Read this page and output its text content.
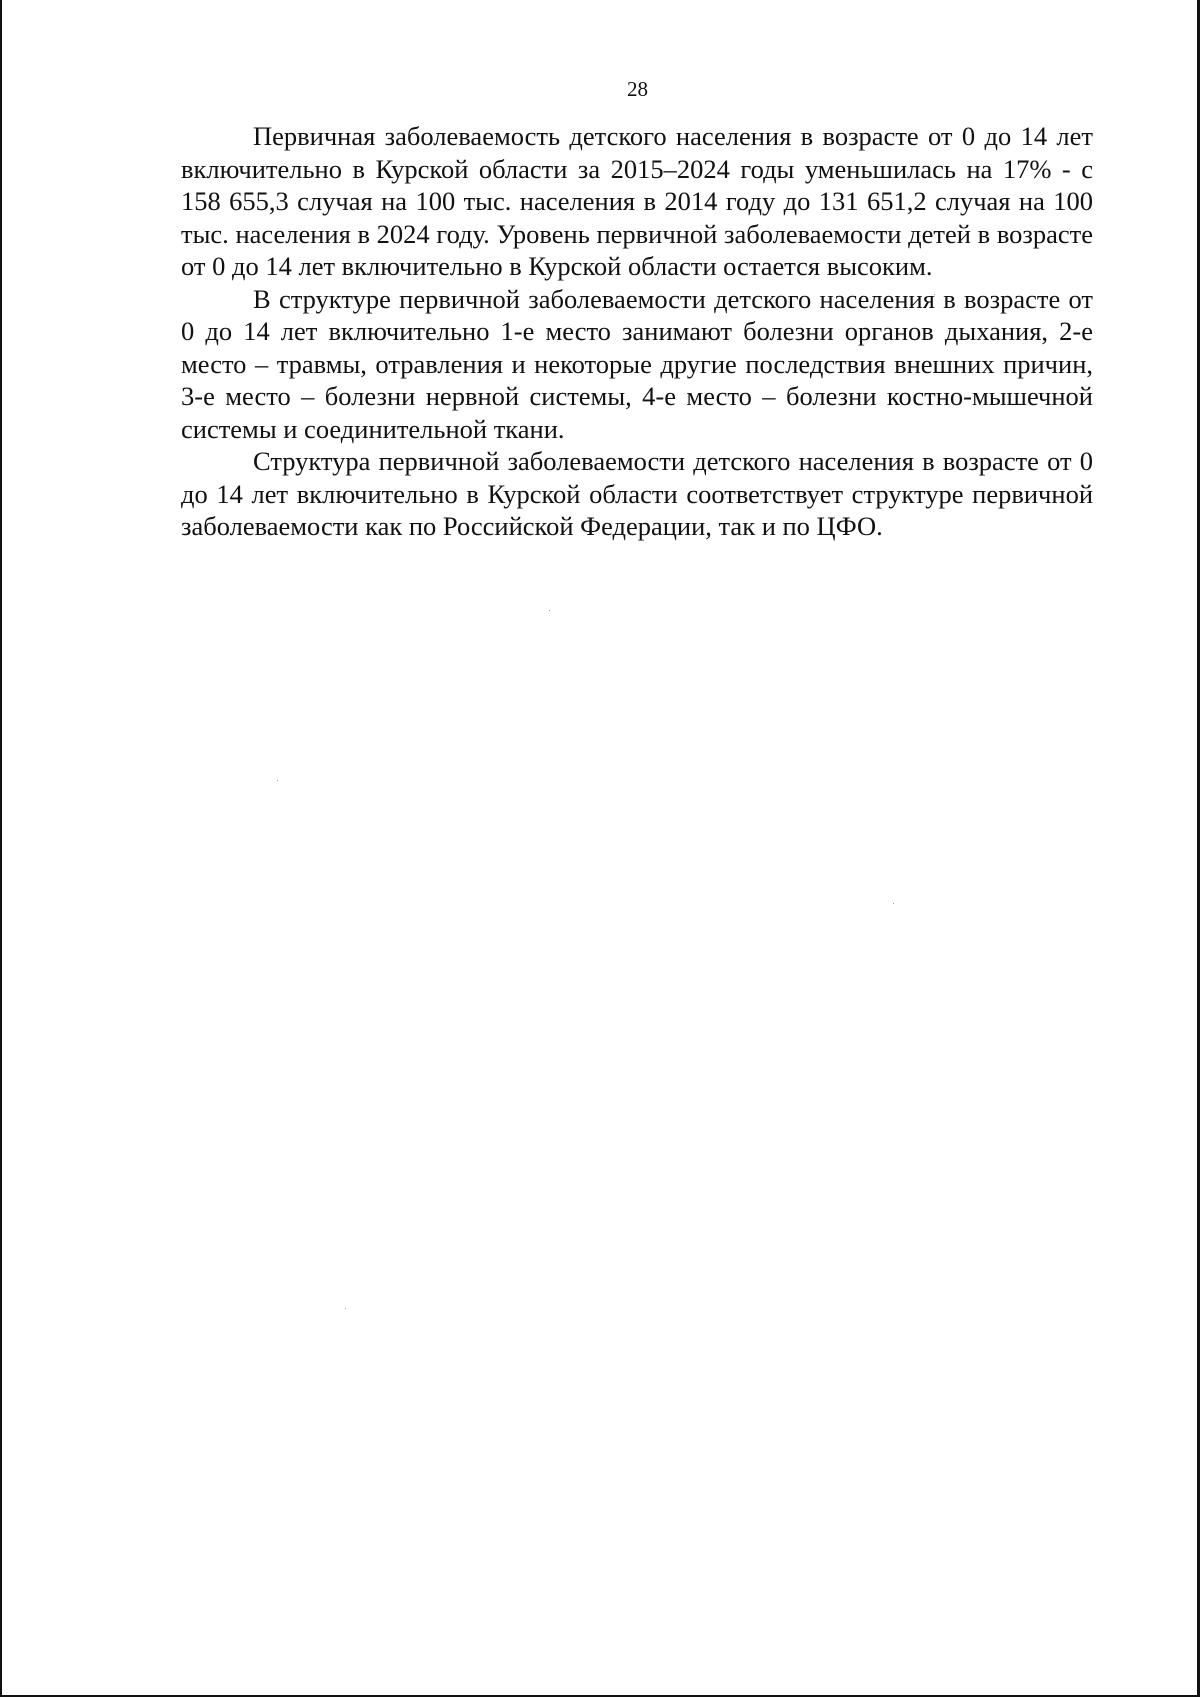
28

Первичная заболеваемость детского населения в возрасте от 0 до 14 лет включительно в Курской области за 2015–2024 годы уменьшилась на 17% - с 158 655,3 случая на 100 тыс. населения в 2014 году до 131 651,2 случая на 100 тыс. населения в 2024 году. Уровень первичной заболеваемости детей в возрасте от 0 до 14 лет включительно в Курской области остается высоким.

В структуре первичной заболеваемости детского населения в возрасте от 0 до 14 лет включительно 1-е место занимают болезни органов дыхания, 2-е место – травмы, отравления и некоторые другие последствия внешних причин, 3-е место – болезни нервной системы, 4-е место – болезни костно-мышечной системы и соединительной ткани.

Структура первичной заболеваемости детского населения в возрасте от 0 до 14 лет включительно в Курской области соответствует структуре первичной заболеваемости как по Российской Федерации, так и по ЦФО.
